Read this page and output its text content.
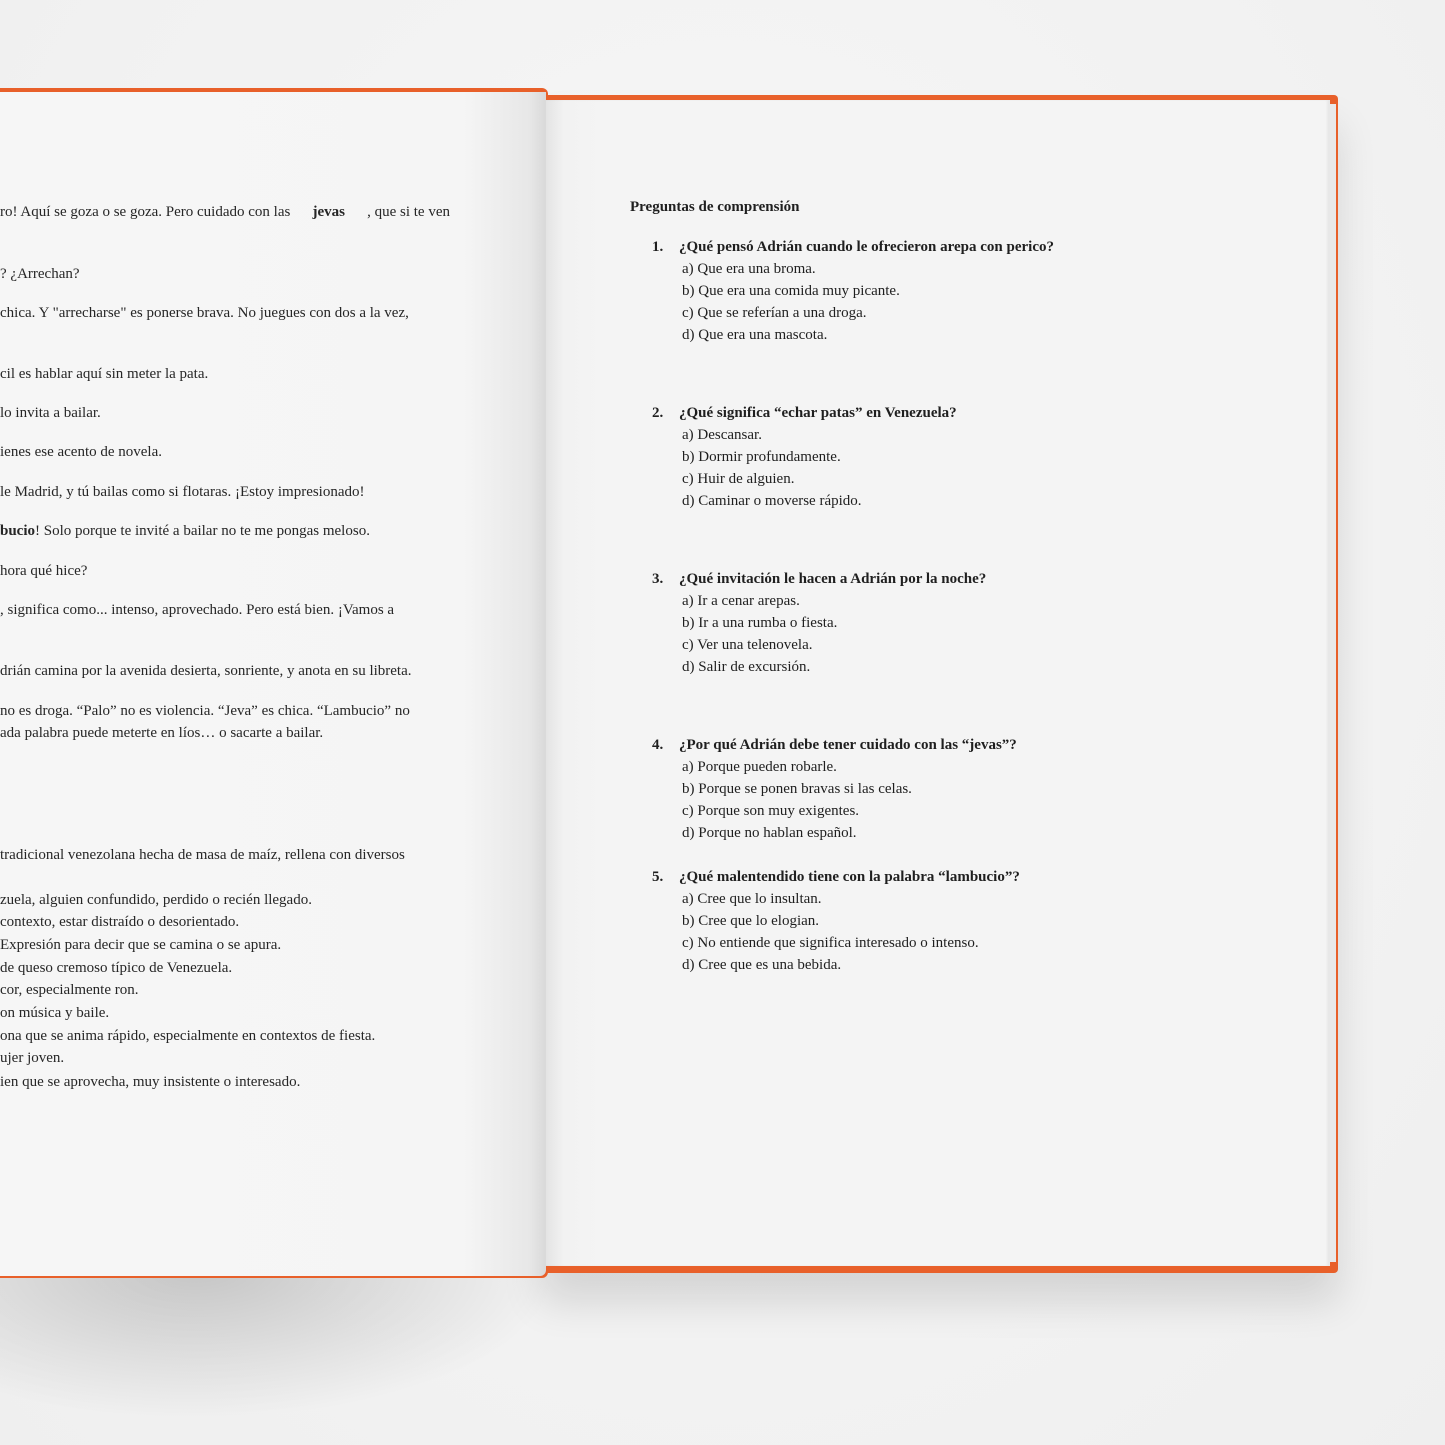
ro! Aquí se goza o se goza. Pero cuidado con las jevas , que si te ven
? ¿Arrechan?
chica. Y "arrecharse" es ponerse brava. No juegues con dos a la vez,
cil es hablar aquí sin meter la pata.
lo invita a bailar.
ienes ese acento de novela.
le Madrid, y tú bailas como si flotaras. ¡Estoy impresionado!
bucio! Solo porque te invité a bailar no te me pongas meloso.
hora qué hice?
, significa como... intenso, aprovechado. Pero está bien. ¡Vamos a
drián camina por la avenida desierta, sonriente, y anota en su libreta.
no es droga. “Palo” no es violencia. “Jeva” es chica. “Lambucio” no
ada palabra puede meterte en líos… o sacarte a bailar.
tradicional venezolana hecha de masa de maíz, rellena con diversos
zuela, alguien confundido, perdido o recién llegado.
contexto, estar distraído o desorientado.
Expresión para decir que se camina o se apura.
de queso cremoso típico de Venezuela.
cor, especialmente ron.
on música y baile.
ona que se anima rápido, especialmente en contextos de fiesta.
ujer joven.
ien que se aprovecha, muy insistente o interesado.
Preguntas de comprensión
1. ¿Qué pensó Adrián cuando le ofrecieron arepa con perico?
a) Que era una broma.
b) Que era una comida muy picante.
c) Que se referían a una droga.
d) Que era una mascota.
2. ¿Qué significa “echar patas” en Venezuela?
a) Descansar.
b) Dormir profundamente.
c) Huir de alguien.
d) Caminar o moverse rápido.
3. ¿Qué invitación le hacen a Adrián por la noche?
a) Ir a cenar arepas.
b) Ir a una rumba o fiesta.
c) Ver una telenovela.
d) Salir de excursión.
4. ¿Por qué Adrián debe tener cuidado con las “jevas”?
a) Porque pueden robarle.
b) Porque se ponen bravas si las celas.
c) Porque son muy exigentes.
d) Porque no hablan español.
5. ¿Qué malentendido tiene con la palabra “lambucio”?
a) Cree que lo insultan.
b) Cree que lo elogian.
c) No entiende que significa interesado o intenso.
d) Cree que es una bebida.
